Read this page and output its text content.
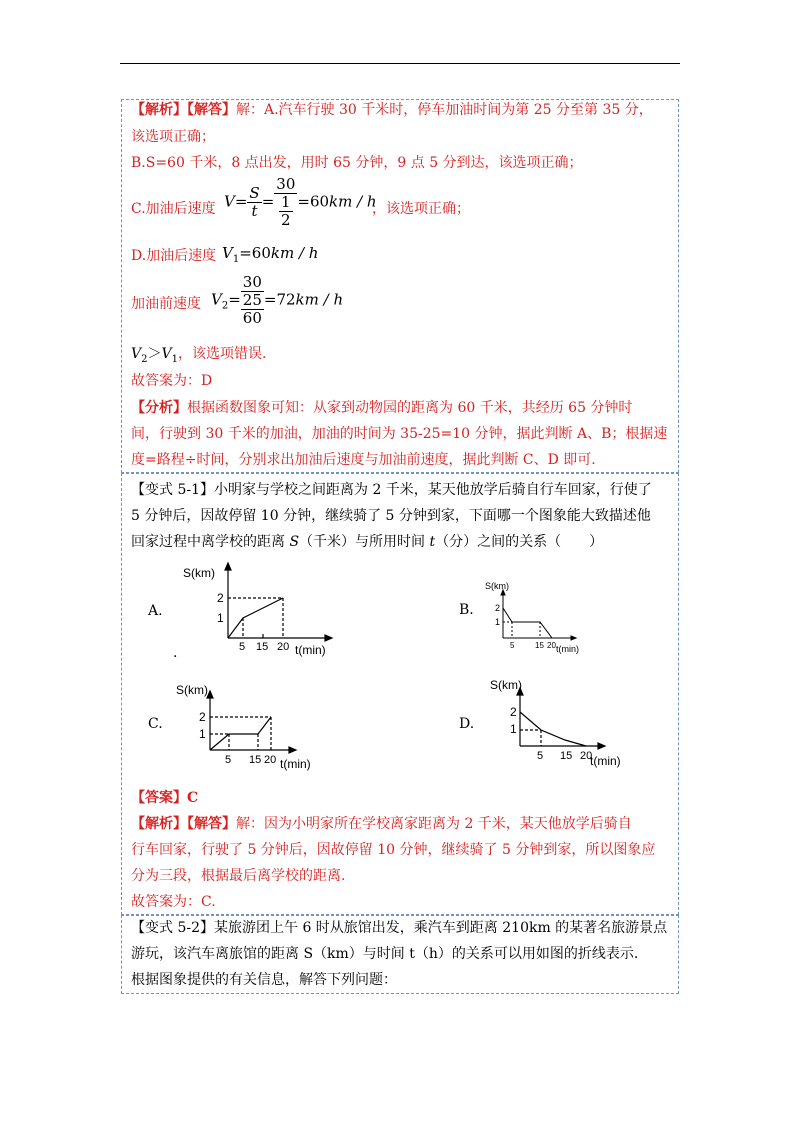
【解析】【解答】解：A.汽车行驶 30 千米时，停车加油时间为第 25 分至第 35 分，
该选项正确；
B.S=60 千米，8 点出发，用时 65 分钟，9 点 5 分到达，该选项正确；
C.加油后速度 $V= \frac{S}{t} = \frac{30}{\frac{1}{2}} =60km / h$
，该选项正确；
D.加油后速度 $V_1=60km / h$
加油前速度 $V_2= \frac{30}{\frac{25}{60}} =72km / h$
$V_2>V_1$，该选项错误.
故答案为：D
【分析】根据函数图象可知：从家到动物园的距离为 60 千米，共经历 65 分钟时
间，行驶到 30 千米的加油，加油的时间为 35-25=10 分钟，据此判断 A、B；根据速
度=路程÷时间，分别求出加油后速度与加油前速度，据此判断 C、D 即可.
【变式 5-1】小明家与学校之间距离为 2 千米，某天他放学后骑自行车回家，行使了
5 分钟后，因故停留 10 分钟，继续骑了 5 分钟到家，下面哪一个图象能大致描述他
回家过程中离学校的距离 S（千米）与所用时间 t（分）之间的关系（　　）
A.	B.
C.	D.
.
S(km)
2
1
5 15 20 t(min)
S(km)
2
1
5	15 20 t(min)
S(km)
2
1
5 15 20 t(min)
S(km)
2
1
5 15 20
t(min)
【答案】C
【解析】【解答】解：因为小明家所在学校离家距离为 2 千米，某天他放学后骑自
行车回家，行驶了 5 分钟后，因故停留 10 分钟，继续骑了 5 分钟到家，所以图象应
分为三段，根据最后离学校的距离.
故答案为：C.
【变式 5-2】某旅游团上午 6 时从旅馆出发，乘汽车到距离 210km 的某著名旅游景点
游玩，该汽车离旅馆的距离 S（km）与时间 t（h）的关系可以用如图的折线表示.
根据图象提供的有关信息，解答下列问题：
